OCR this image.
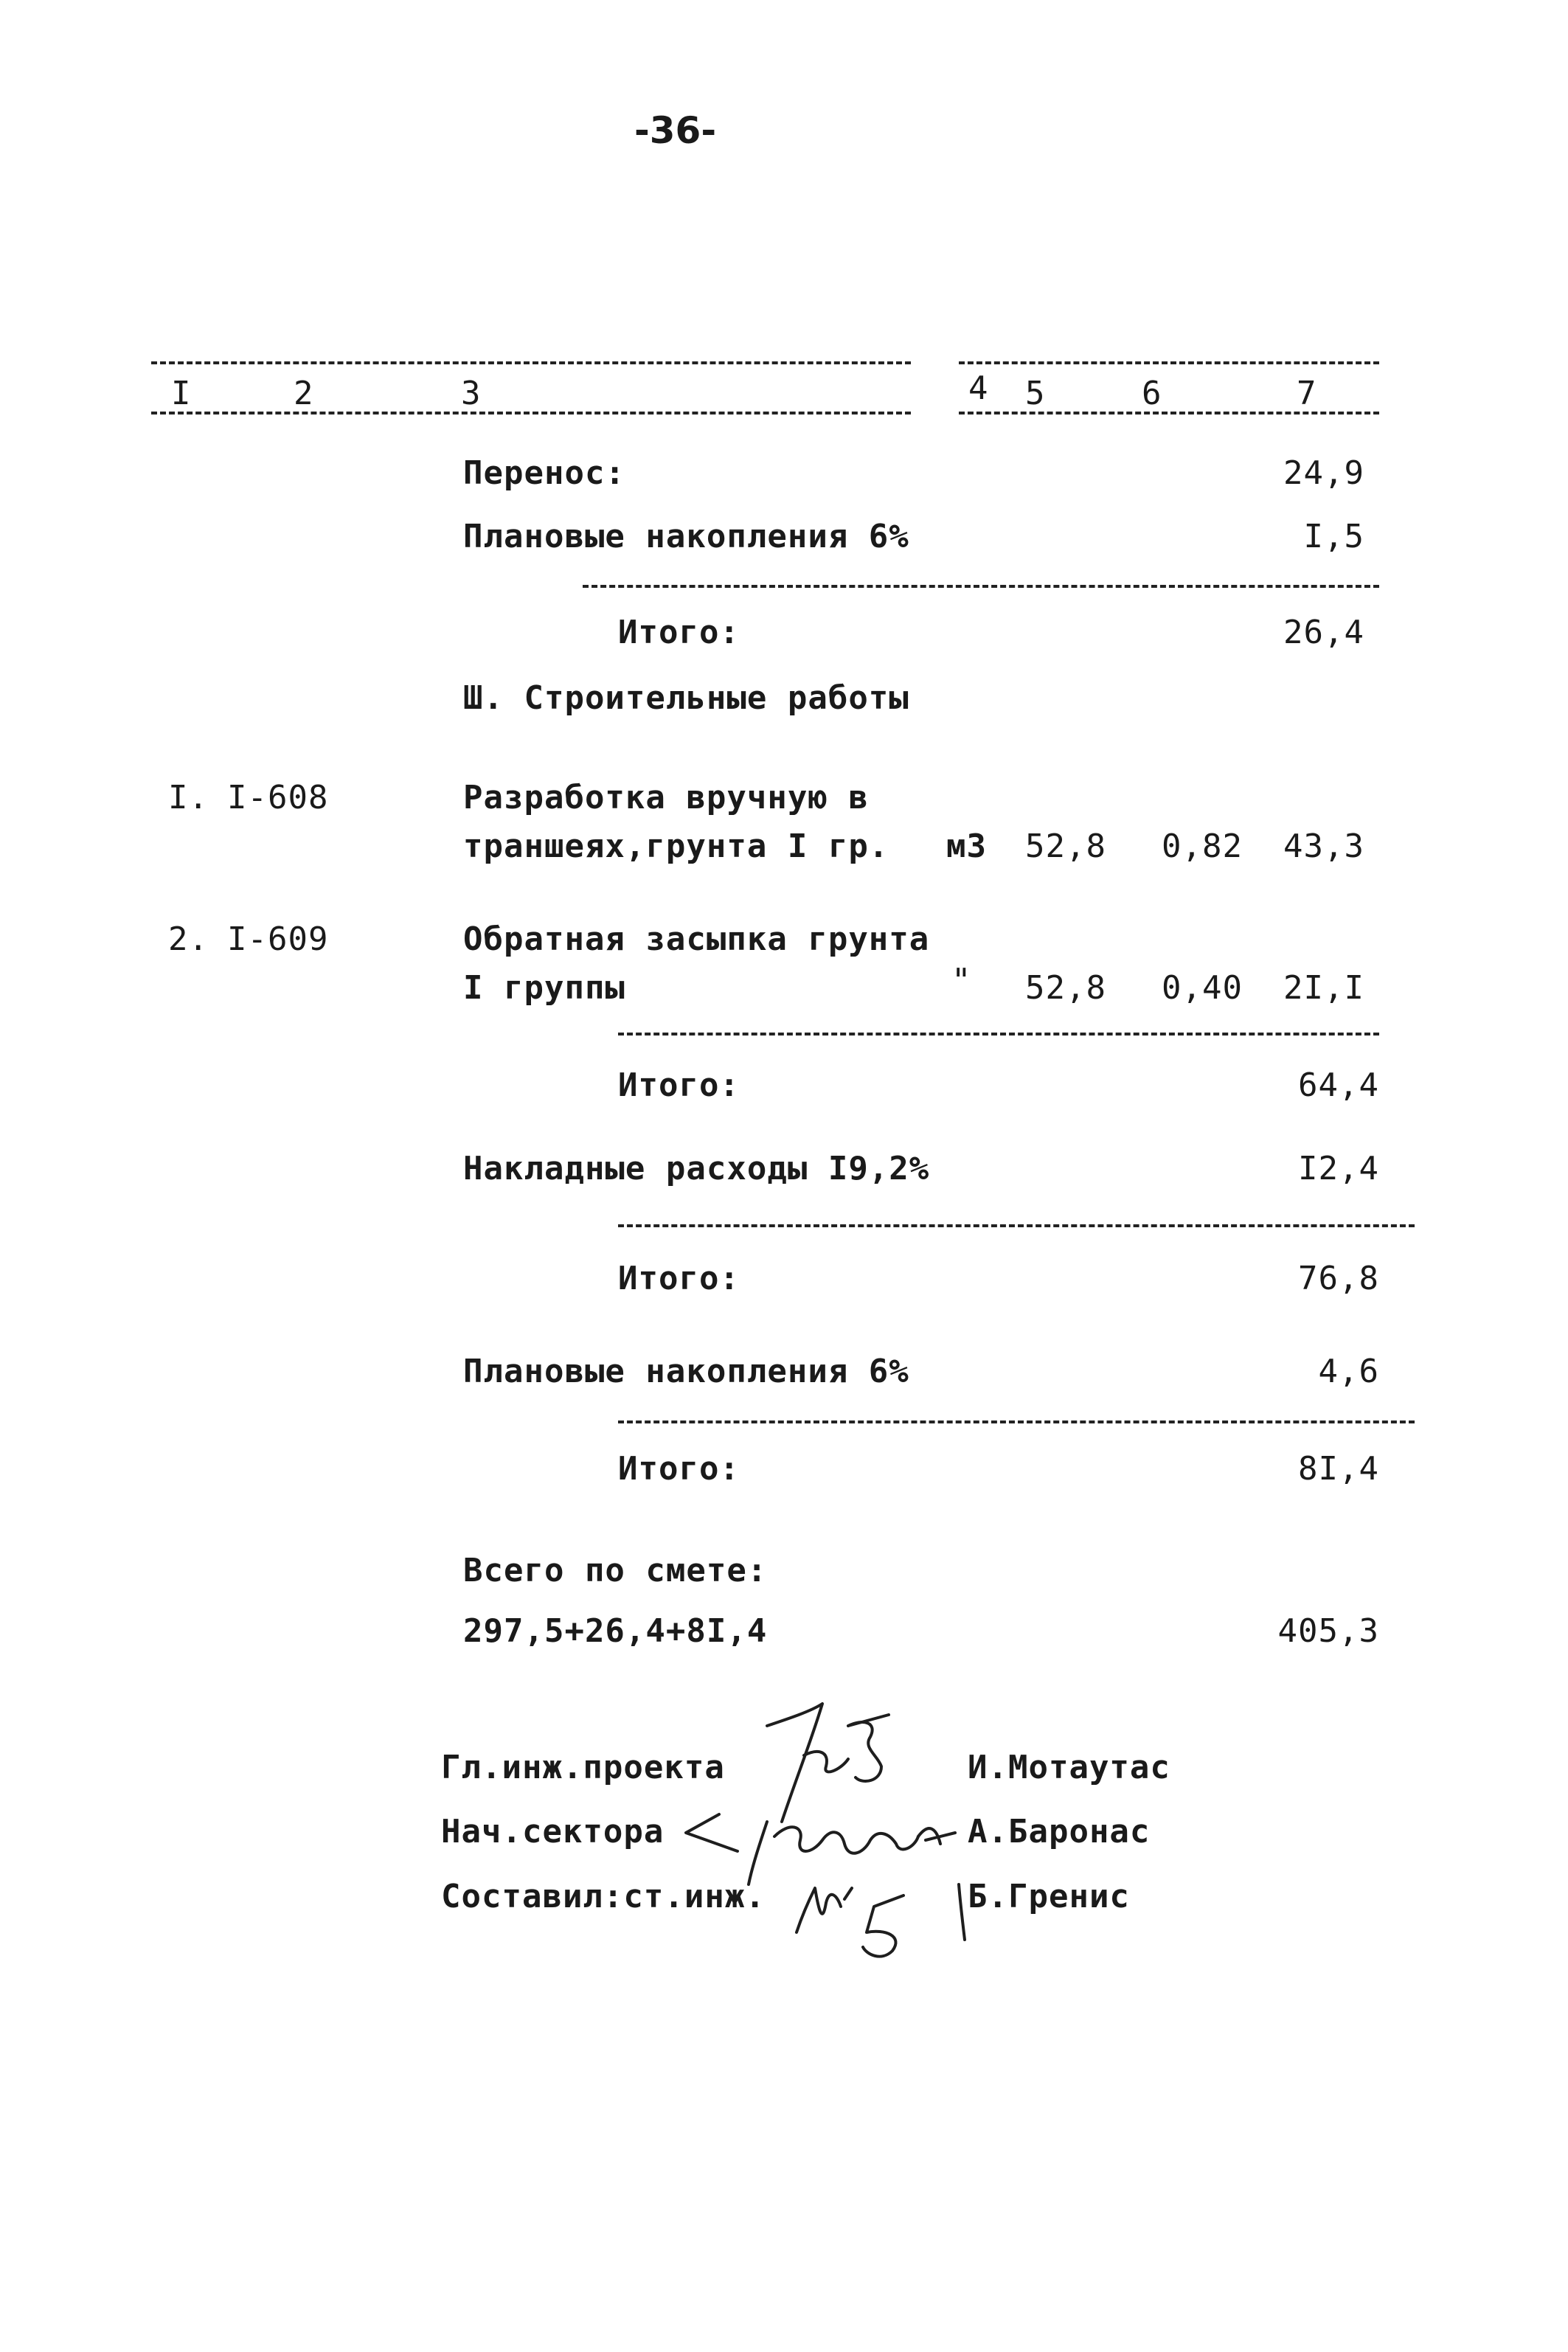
-36-
I	2	3	4 5	6	7
Перенос:	24,9
Плановые накопления 6%	I,5
Итого:	26,4
Ш. Строительные работы
I. I-608	Разработка вручную в
траншеях,грунта I гр. м3 52,8 0,82	43,3
2. I-609	Обратная засыпка грунта
I группы	" 52,8 0,40	2I,I
Итого:	64,4
Накладные расходы I9,2%	I2,4
Итого:	76,8
Плановые накопления 6%	4,6
Итого:	8I,4
Всего по смете:
297,5+26,4+8I,4	405,3
Гл.инж.проекта	И.Мотаутас
Нач.сектора	А.Баронас
Составил:ст.инж.	Б.Гренис
